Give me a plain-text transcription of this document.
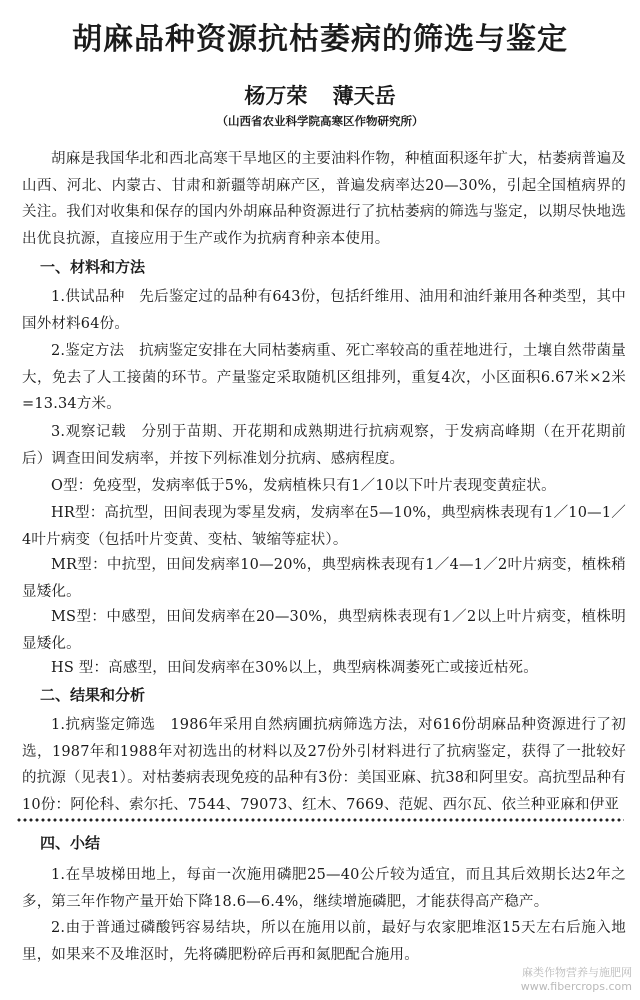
胡麻品种资源抗枯萎病的筛选与鉴定
杨万荣 薄天岳
（山西省农业科学院高寒区作物研究所）
胡麻是我国华北和西北高寒干旱地区的主要油料作物，种植面积逐年扩大，枯萎病普遍及山西、河北、内蒙古、甘肃和新疆等胡麻产区，普遍发病率达20—30%，引起全国植病界的关注。我们对收集和保存的国内外胡麻品种资源进行了抗枯萎病的筛选与鉴定，以期尽快地选出优良抗源，直接应用于生产或作为抗病育种亲本使用。
一、材料和方法
1.供试品种　先后鉴定过的品种有643份，包括纤维用、油用和油纤兼用各种类型，其中国外材料64份。
2.鉴定方法　抗病鉴定安排在大同枯萎病重、死亡率较高的重茬地进行，土壤自然带菌量大，免去了人工接菌的环节。产量鉴定采取随机区组排列，重复4次，小区面积6.67米×2米=13.34方米。
3.观察记载　分别于苗期、开花期和成熟期进行抗病观察，于发病高峰期（在开花期前后）调查田间发病率，并按下列标准划分抗病、感病程度。
O型：免疫型，发病率低于5%，发病植株只有1／10以下叶片表现变黄症状。
HR型：高抗型，田间表现为零星发病，发病率在5—10%，典型病株表现有1／10—1／4叶片病变（包括叶片变黄、变枯、皱缩等症状）。
MR型：中抗型，田间发病率10—20%，典型病株表现有1／4—1／2叶片病变，植株稍显矮化。
MS型：中感型，田间发病率在20—30%，典型病株表现有1／2以上叶片病变，植株明显矮化。
HS 型：高感型，田间发病率在30%以上，典型病株凋萎死亡或接近枯死。
二、结果和分析
1.抗病鉴定筛选　1986年采用自然病圃抗病筛选方法，对616份胡麻品种资源进行了初选，1987年和1988年对初选出的材料以及27份外引材料进行了抗病鉴定，获得了一批较好的抗源（见表1）。对枯萎病表现免疫的品种有3份：美国亚麻、抗38和阿里安。高抗型品种有10份：阿伦科、索尔托、7544、79073、红木、7669、范妮、西尔瓦、依兰种亚麻和伊亚
四、小结
1.在旱坡梯田地上，每亩一次施用磷肥25—40公斤较为适宜，而且其后效期长达2年之多，第三年作物产量开始下降18.6—6.4%，继续增施磷肥，才能获得高产稳产。
2.由于普通过磷酸钙容易结块，所以在施用以前，最好与农家肥堆沤15天左右后施入地里，如果来不及堆沤时，先将磷肥粉碎后再和氮肥配合施用。
麻类作物营养与施肥网
www.fibercrops.com
